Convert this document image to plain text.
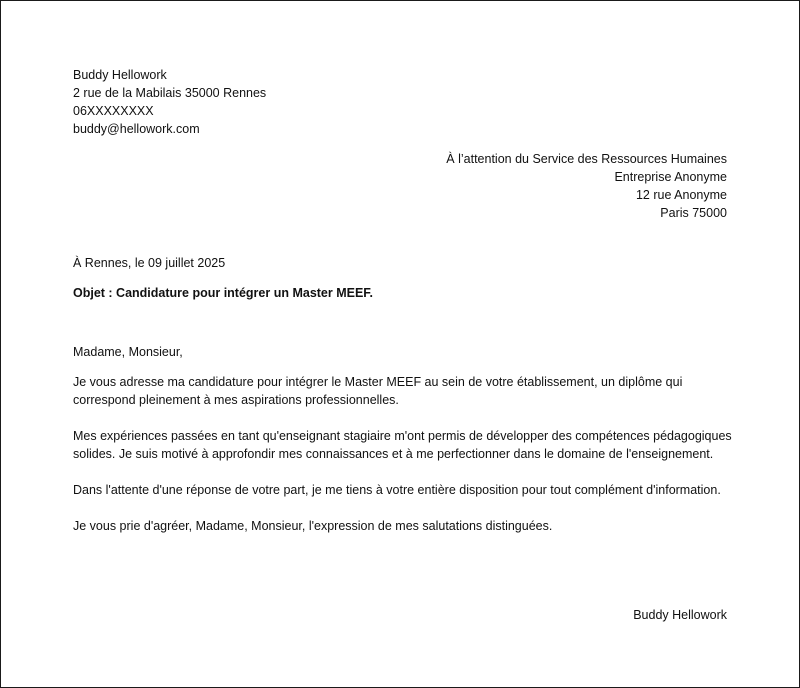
Buddy Hellowork
2 rue de la Mabilais 35000 Rennes
06XXXXXXXX
buddy@hellowork.com
À l’attention du Service des Ressources Humaines
Entreprise Anonyme
12 rue Anonyme
Paris 75000
À Rennes, le 09 juillet 2025
Objet : Candidature pour intégrer un Master MEEF.

Madame, Monsieur,

Je vous adresse ma candidature pour intégrer le Master MEEF au sein de votre établissement, un diplôme qui correspond pleinement à mes aspirations professionnelles.

Mes expériences passées en tant qu'enseignant stagiaire m'ont permis de développer des compétences pédagogiques solides. Je suis motivé à approfondir mes connaissances et à me perfectionner dans le domaine de l'enseignement.

Dans l'attente d'une réponse de votre part, je me tiens à votre entière disposition pour tout complément d'information.

Je vous prie d'agréer, Madame, Monsieur, l'expression de mes salutations distinguées.

Buddy Hellowork
